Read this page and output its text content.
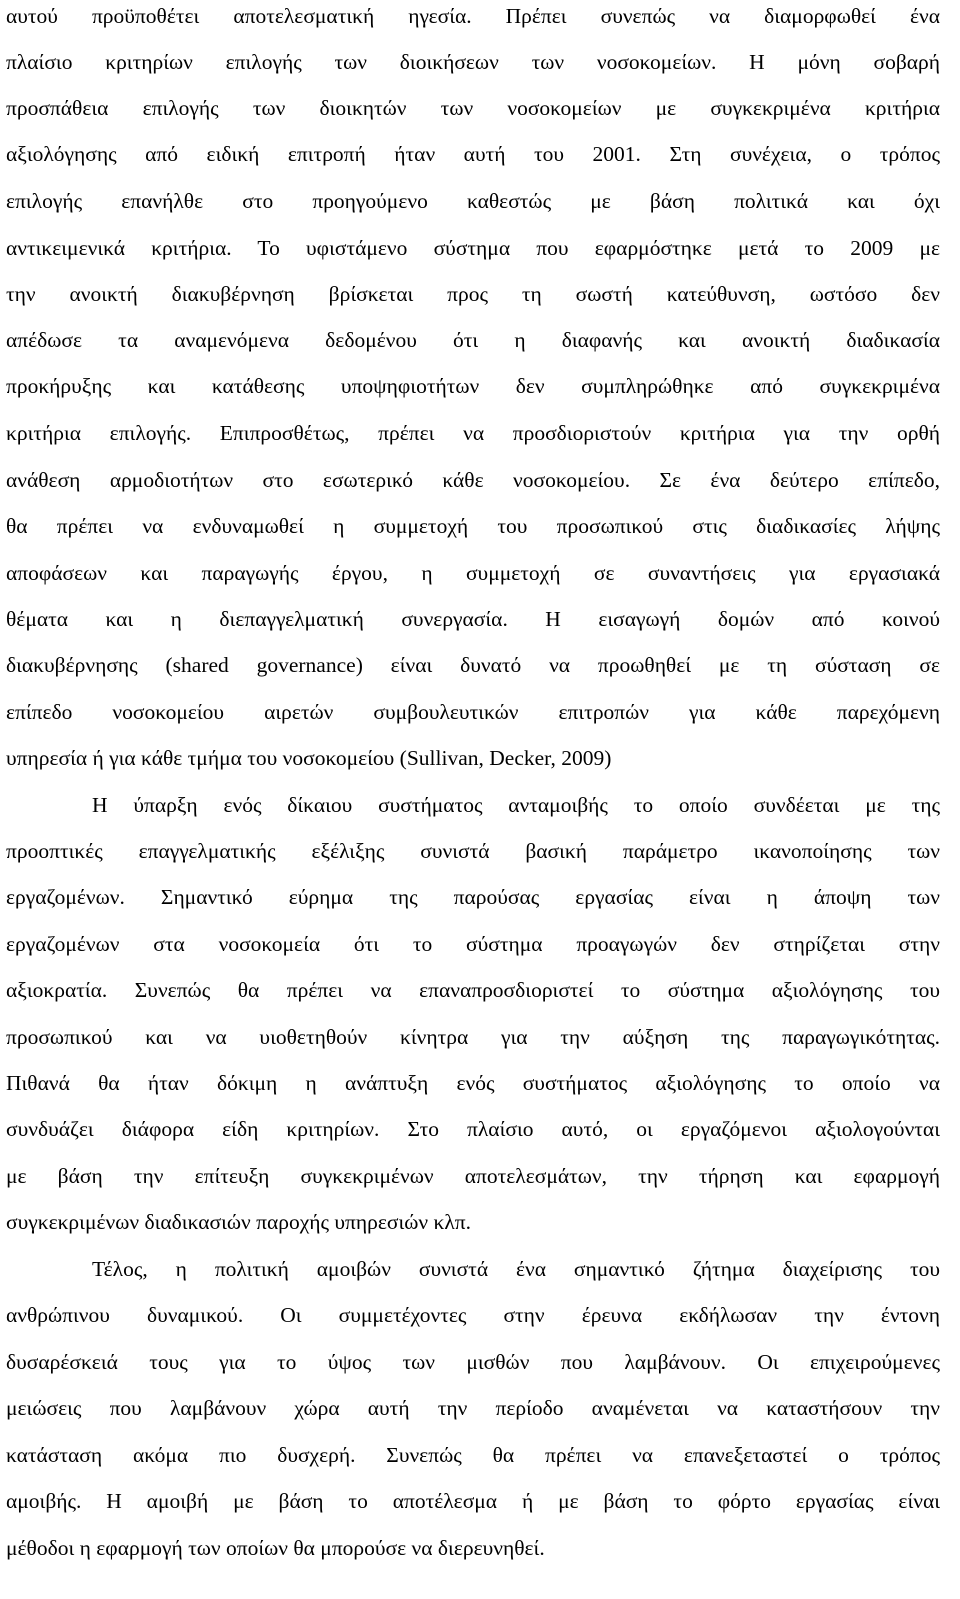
αυτού προϋποθέτει αποτελεσματική ηγεσία. Πρέπει συνεπώς να διαμορφωθεί ένα
πλαίσιο κριτηρίων επιλογής των διοικήσεων των νοσοκομείων. Η μόνη σοβαρή
προσπάθεια επιλογής των διοικητών των νοσοκομείων με συγκεκριμένα κριτήρια
αξιολόγησης από ειδική επιτροπή ήταν αυτή του 2001. Στη συνέχεια, ο τρόπος
επιλογής επανήλθε στο προηγούμενο καθεστώς με βάση πολιτικά και όχι
αντικειμενικά κριτήρια. Το υφιστάμενο σύστημα που εφαρμόστηκε μετά το 2009 με
την ανοικτή διακυβέρνηση βρίσκεται προς τη σωστή κατεύθυνση, ωστόσο δεν
απέδωσε τα αναμενόμενα δεδομένου ότι η διαφανής και ανοικτή διαδικασία
προκήρυξης και κατάθεσης υποψηφιοτήτων δεν συμπληρώθηκε από συγκεκριμένα
κριτήρια επιλογής. Επιπροσθέτως, πρέπει να προσδιοριστούν κριτήρια για την ορθή
ανάθεση αρμοδιοτήτων στο εσωτερικό κάθε νοσοκομείου. Σε ένα δεύτερο επίπεδο,
θα πρέπει να ενδυναμωθεί η συμμετοχή του προσωπικού στις διαδικασίες λήψης
αποφάσεων και παραγωγής έργου, η συμμετοχή σε συναντήσεις για εργασιακά
θέματα και η διεπαγγελματική συνεργασία. Η εισαγωγή δομών από κοινού
διακυβέρνησης (shared governance) είναι δυνατό να προωθηθεί με τη σύσταση σε
επίπεδο νοσοκομείου αιρετών συμβουλευτικών επιτροπών για κάθε παρεχόμενη
υπηρεσία ή για κάθε τμήμα του νοσοκομείου (Sullivan, Decker, 2009)
Η ύπαρξη ενός δίκαιου συστήματος ανταμοιβής το οποίο συνδέεται με της
προοπτικές επαγγελματικής εξέλιξης συνιστά βασική παράμετρο ικανοποίησης των
εργαζομένων. Σημαντικό εύρημα της παρούσας εργασίας είναι η άποψη των
εργαζομένων στα νοσοκομεία ότι το σύστημα προαγωγών δεν στηρίζεται στην
αξιοκρατία. Συνεπώς θα πρέπει να επαναπροσδιοριστεί το σύστημα αξιολόγησης του
προσωπικού και να υιοθετηθούν κίνητρα για την αύξηση της παραγωγικότητας.
Πιθανά θα ήταν δόκιμη η ανάπτυξη ενός συστήματος αξιολόγησης το οποίο να
συνδυάζει διάφορα είδη κριτηρίων. Στο πλαίσιο αυτό, οι εργαζόμενοι αξιολογούνται
με βάση την επίτευξη συγκεκριμένων αποτελεσμάτων, την τήρηση και εφαρμογή
συγκεκριμένων διαδικασιών παροχής υπηρεσιών κλπ.
Τέλος, η πολιτική αμοιβών συνιστά ένα σημαντικό ζήτημα διαχείρισης του
ανθρώπινου δυναμικού. Οι συμμετέχοντες στην έρευνα εκδήλωσαν την έντονη
δυσαρέσκειά τους για το ύψος των μισθών που λαμβάνουν. Οι επιχειρούμενες
μειώσεις που λαμβάνουν χώρα αυτή την περίοδο αναμένεται να καταστήσουν την
κατάσταση ακόμα πιο δυσχερή. Συνεπώς θα πρέπει να επανεξεταστεί ο τρόπος
αμοιβής. Η αμοιβή με βάση το αποτέλεσμα ή με βάση το φόρτο εργασίας είναι
μέθοδοι η εφαρμογή των οποίων θα μπορούσε να διερευνηθεί.
